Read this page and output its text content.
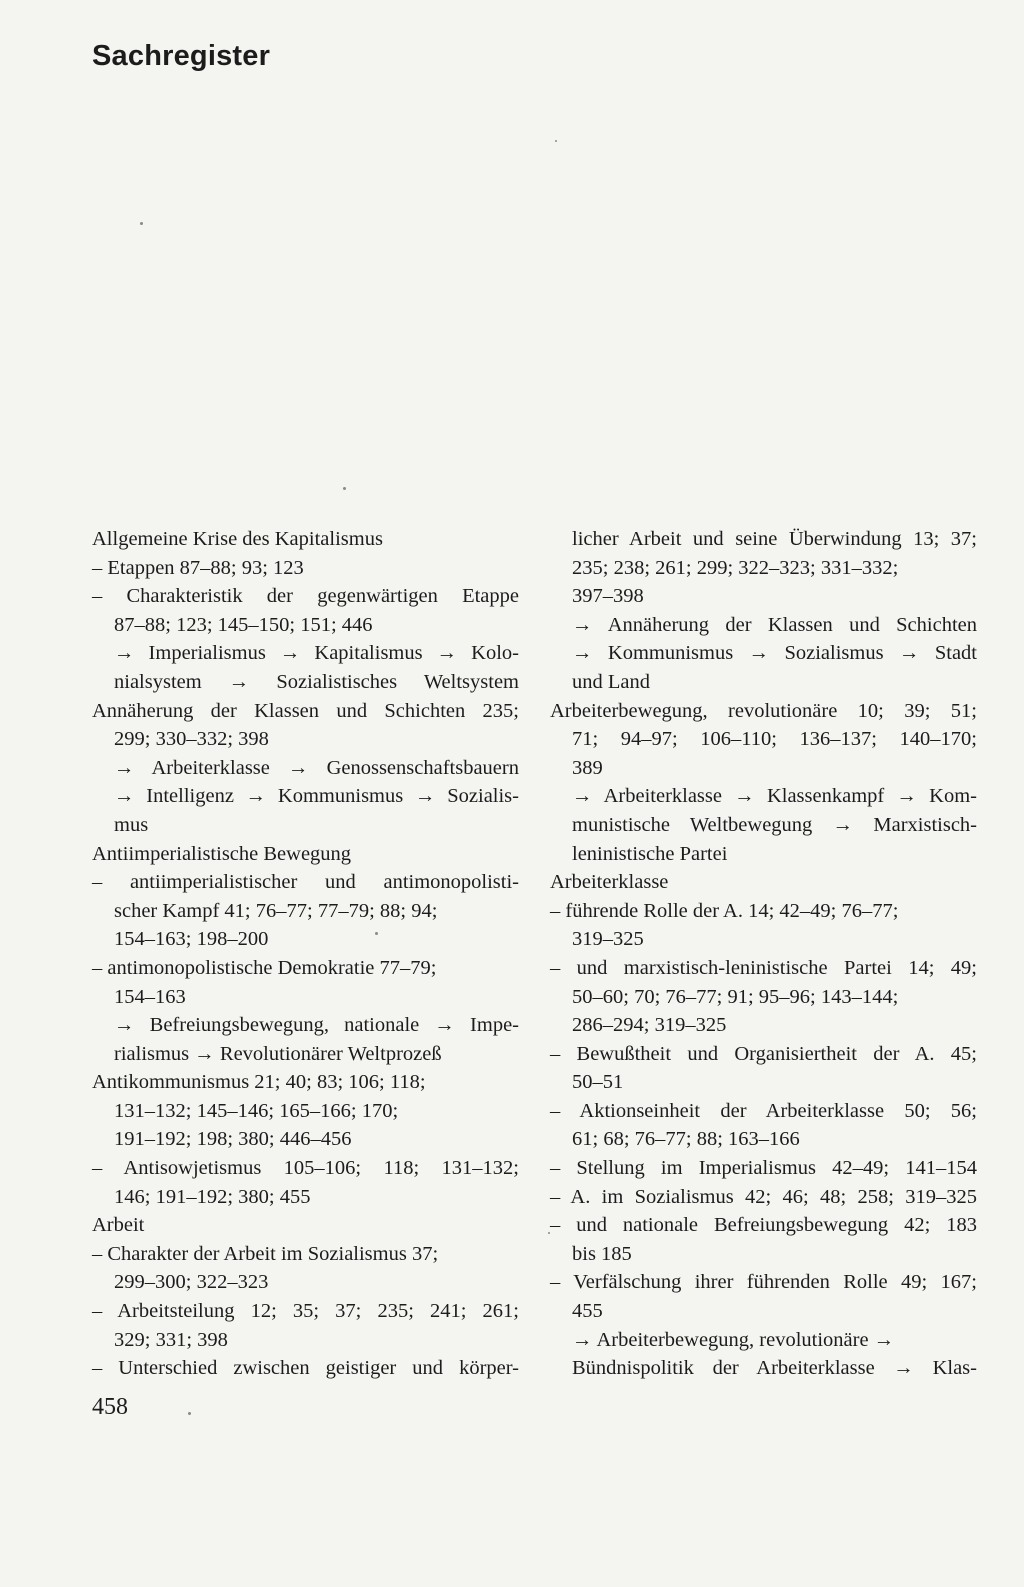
Sachregister
Allgemeine Krise des Kapitalismus
– Etappen 87–88; 93; 123
– Charakteristik der gegenwärtigen Etappe
87–88; 123; 145–150; 151; 446
→ Imperialismus → Kapitalismus → Kolo-
nialsystem → Sozialistisches Weltsystem
Annäherung der Klassen und Schichten 235;
299; 330–332; 398
→ Arbeiterklasse → Genossenschaftsbauern
→ Intelligenz → Kommunismus → Sozialis-
mus
Antiimperialistische Bewegung
– antiimperialistischer und antimonopolisti-
scher Kampf 41; 76–77; 77–79; 88; 94;
154–163; 198–200
– antimonopolistische Demokratie 77–79;
154–163
→ Befreiungsbewegung, nationale → Impe-
rialismus → Revolutionärer Weltprozeß
Antikommunismus 21; 40; 83; 106; 118;
131–132; 145–146; 165–166; 170;
191–192; 198; 380; 446–456
– Antisowjetismus 105–106; 118; 131–132;
146; 191–192; 380; 455
Arbeit
– Charakter der Arbeit im Sozialismus 37;
299–300; 322–323
– Arbeitsteilung 12; 35; 37; 235; 241; 261;
329; 331; 398
– Unterschied zwischen geistiger und körper-
licher Arbeit und seine Überwindung 13; 37;
235; 238; 261; 299; 322–323; 331–332;
397–398
→ Annäherung der Klassen und Schichten
→ Kommunismus → Sozialismus → Stadt
und Land
Arbeiterbewegung, revolutionäre 10; 39; 51;
71; 94–97; 106–110; 136–137; 140–170;
389
→ Arbeiterklasse → Klassenkampf → Kom-
munistische Weltbewegung → Marxistisch-
leninistische Partei
Arbeiterklasse
– führende Rolle der A. 14; 42–49; 76–77;
319–325
– und marxistisch-leninistische Partei 14; 49;
50–60; 70; 76–77; 91; 95–96; 143–144;
286–294; 319–325
– Bewußtheit und Organisiertheit der A. 45;
50–51
– Aktionseinheit der Arbeiterklasse 50; 56;
61; 68; 76–77; 88; 163–166
– Stellung im Imperialismus 42–49; 141–154
– A. im Sozialismus 42; 46; 48; 258; 319–325
– und nationale Befreiungsbewegung 42; 183
bis 185
– Verfälschung ihrer führenden Rolle 49; 167;
455
→ Arbeiterbewegung, revolutionäre →
Bündnispolitik der Arbeiterklasse → Klas-
458
